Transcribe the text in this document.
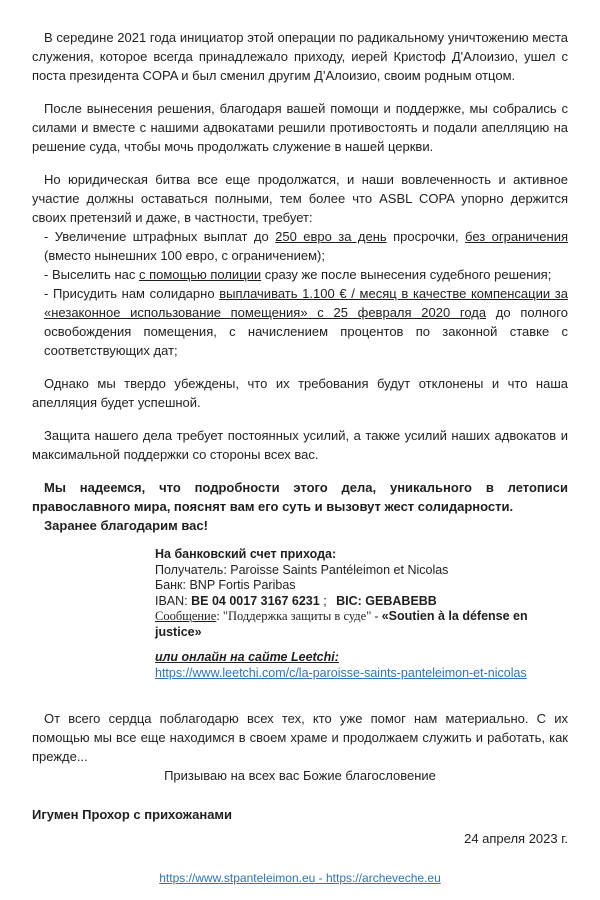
В середине 2021 года инициатор этой операции по радикальному уничтожению места служения, которое всегда принадлежало приходу, иерей Кристоф Д'Алоизио, ушел с поста президента COPA и был сменил другим Д'Алоизио, своим родным отцом.

После вынесения решения, благодаря вашей помощи и поддержке, мы собрались с силами и вместе с нашими адвокатами решили противостоять и подали апелляцию на решение суда, чтобы мочь продолжать служение в нашей церкви.

Но юридическая битва все еще продолжатся, и наши вовлеченность и активное участие должны оставаться полными, тем более что ASBL COPA упорно держится своих претензий и даже, в частности, требует:

- Увеличение штрафных выплат до 250 евро за день просрочки, без ограничения (вместо нынешних 100 евро, с ограничением);

- Выселить нас с помощью полиции сразу же после вынесения судебного решения;

- Присудить нам солидарно выплачивать 1.100 € / месяц в качестве компенсации за «незаконное использование помещения» с 25 февраля 2020 года до полного освобождения помещения, с начислением процентов по законной ставке с соответствующих дат;

Однако мы твердо убеждены, что их требования будут отклонены и что наша апелляция будет успешной.

Защита нашего дела требует постоянных усилий, а также усилий наших адвокатов и максимальной поддержки со стороны всех вас.

Мы надеемся, что подробности этого дела, уникального в летописи православного мира, пояснят вам его суть и вызовут жест солидарности.

Заранее благодарим вас!

На банковский счет прихода:

Получатель: Paroisse Saints Pantéleimon et Nicolas

Банк: BNP Fortis Paribas

IBAN: BE 04 0017 3167 6231 ; BIC: GEBABEBB

Сообщение: "Поддержка защиты в суде" - «Soutien à la défense en justice»

или онлайн на сайте Leetchi:

https://www.leetchi.com/c/la-paroisse-saints-panteleimon-et-nicolas

От всего сердца поблагодарю всех тех, кто уже помог нам материально. С их помощью мы все еще находимся в своем храме и продолжаем служить и работать, как прежде...

Призываю на всех вас Божие благословение

Игумен Прохор с прихожанами

24 апреля 2023 г.

https://www.stpanteleimon.eu - https://archeveche.eu
